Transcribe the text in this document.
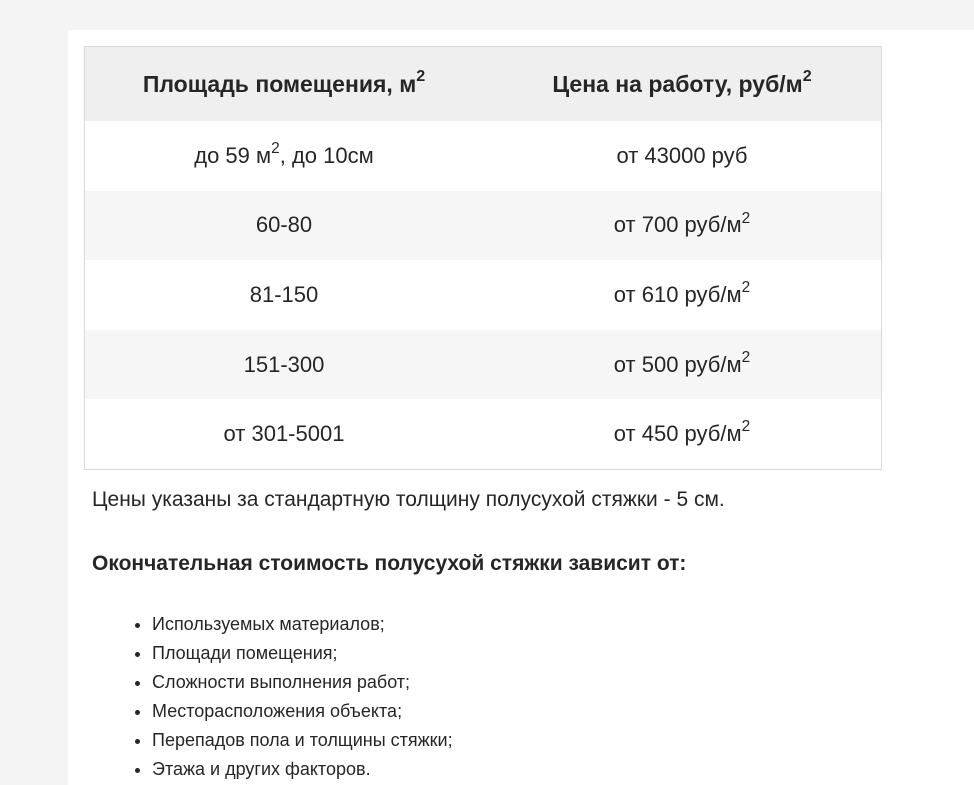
Площадь помещения, $м^2$	Цена на работу, руб/$м^2$
до 59 $м^2$, до 10см	от 43000 руб
60-80	от 700 руб/$м^2$
81-150	от 610 руб/$м^2$
151-300	от 500 руб/$м^2$
от 301-5001	от 450 руб/$м^2$

Цены указаны за стандартную толщину полусухой стяжки - 5 см.

Окончательная стоимость полусухой стяжки зависит от:

• Используемых материалов;
• Площади помещения;
• Сложности выполнения работ;
• Месторасположения объекта;
• Перепадов пола и толщины стяжки;
• Этажа и других факторов.
